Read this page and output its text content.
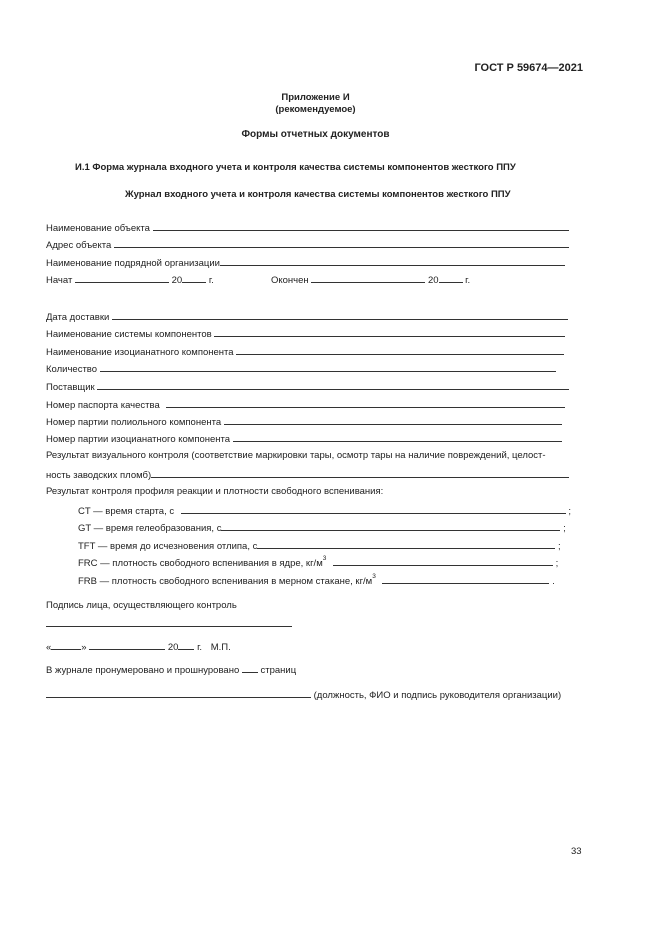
ГОСТ Р 59674—2021
Приложение И
(рекомендуемое)
Формы отчетных документов
И.1 Форма журнала входного учета и контроля качества системы компонентов жесткого ППУ
Журнал входного учета и контроля качества системы компонентов жесткого ППУ
Наименование объекта
Адрес объекта
Наименование подрядной организации
Начат	20	г.	Окончен	20	г.
Дата доставки
Наименование системы компонентов
Наименование изоцианатного компонента
Количество
Поставщик
Номер паспорта качества
Номер партии полиольного компонента
Номер партии изоцианатного компонента
Результат визуального контроля (соответствие маркировки тары, осмотр тары на наличие повреждений, целост-
ность заводских пломб)
Результат контроля профиля реакции и плотности свободного вспенивания:
CT — время старта, с	;
GT — время гелеобразования, с	;
TFT — время до исчезновения отлипа, с	;
FRC — плотность свободного вспенивания в ядре, $кг/м^3$	;
FRB — плотность свободного вспенивания в мерном стакане, $кг/м^3$	.
Подпись лица, осуществляющего контроль
«	»	20 г. М.П.
В журнале пронумеровано и прошнуровано страниц
(должность, ФИО и подпись руководителя организации)
33
